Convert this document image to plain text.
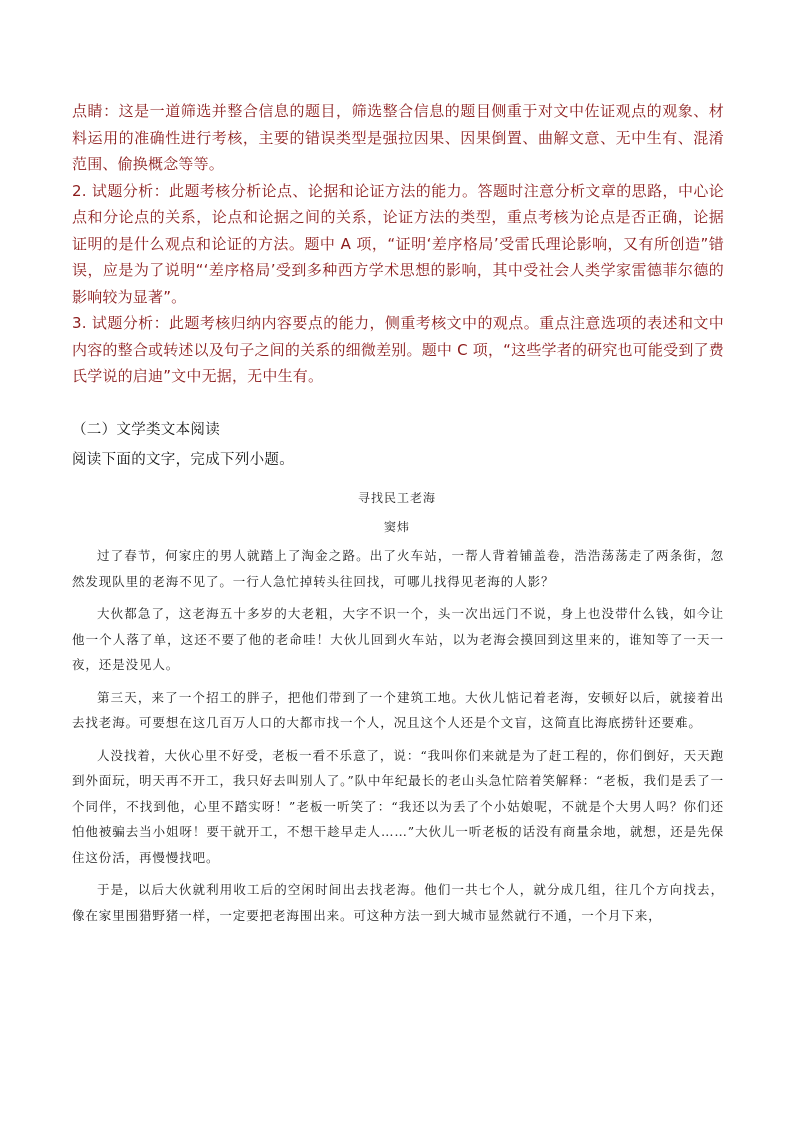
点睛：这是一道筛选并整合信息的题目，筛选整合信息的题目侧重于对文中佐证观点的观象、材料运用的准确性进行考核，主要的错误类型是强拉因果、因果倒置、曲解文意、无中生有、混淆范围、偷换概念等等。

2. 试题分析：此题考核分析论点、论据和论证方法的能力。答题时注意分析文章的思路，中心论点和分论点的关系，论点和论据之间的关系，论证方法的类型，重点考核为论点是否正确，论据证明的是什么观点和论证的方法。题中 A 项，“证明‘差序格局’受雷氏理论影响，又有所创造”错误，应是为了说明“‘差序格局’受到多种西方学术思想的影响，其中受社会人类学家雷德菲尔德的影响较为显著”。

3. 试题分析：此题考核归纳内容要点的能力，侧重考核文中的观点。重点注意选项的表述和文中内容的整合或转述以及句子之间的关系的细微差别。题中 C 项，“这些学者的研究也可能受到了费氏学说的启迪”文中无据，无中生有。

（二）文学类文本阅读
阅读下面的文字，完成下列小题。
寻找民工老海
窦炜

过了春节，何家庄的男人就踏上了淘金之路。出了火车站，一帮人背着铺盖卷，浩浩荡荡走了两条街，忽然发现队里的老海不见了。一行人急忙掉转头往回找，可哪儿找得见老海的人影？

大伙都急了，这老海五十多岁的大老粗，大字不识一个，头一次出远门不说，身上也没带什么钱，如今让他一个人落了单，这还不要了他的老命哇！大伙儿回到火车站，以为老海会摸回到这里来的，谁知等了一天一夜，还是没见人。

第三天，来了一个招工的胖子，把他们带到了一个建筑工地。大伙儿惦记着老海，安顿好以后，就接着出去找老海。可要想在这几百万人口的大都市找一个人，况且这个人还是个文盲，这简直比海底捞针还要难。

人没找着，大伙心里不好受，老板一看不乐意了，说：“我叫你们来就是为了赶工程的，你们倒好，天天跑到外面玩，明天再不开工，我只好去叫别人了。”队中年纪最长的老山头急忙陪着笑解释：“老板，我们是丢了一个同伴，不找到他，心里不踏实呀！”老板一听笑了：“我还以为丢了个小姑娘呢，不就是个大男人吗？你们还怕他被骗去当小姐呀！要干就开工，不想干趁早走人……”大伙儿一听老板的话没有商量余地，就想，还是先保住这份活，再慢慢找吧。

于是，以后大伙就利用收工后的空闲时间出去找老海。他们一共七个人，就分成几组，往几个方向找去，像在家里围猎野猪一样，一定要把老海围出来。可这种方法一到大城市显然就行不通，一个月下来，
